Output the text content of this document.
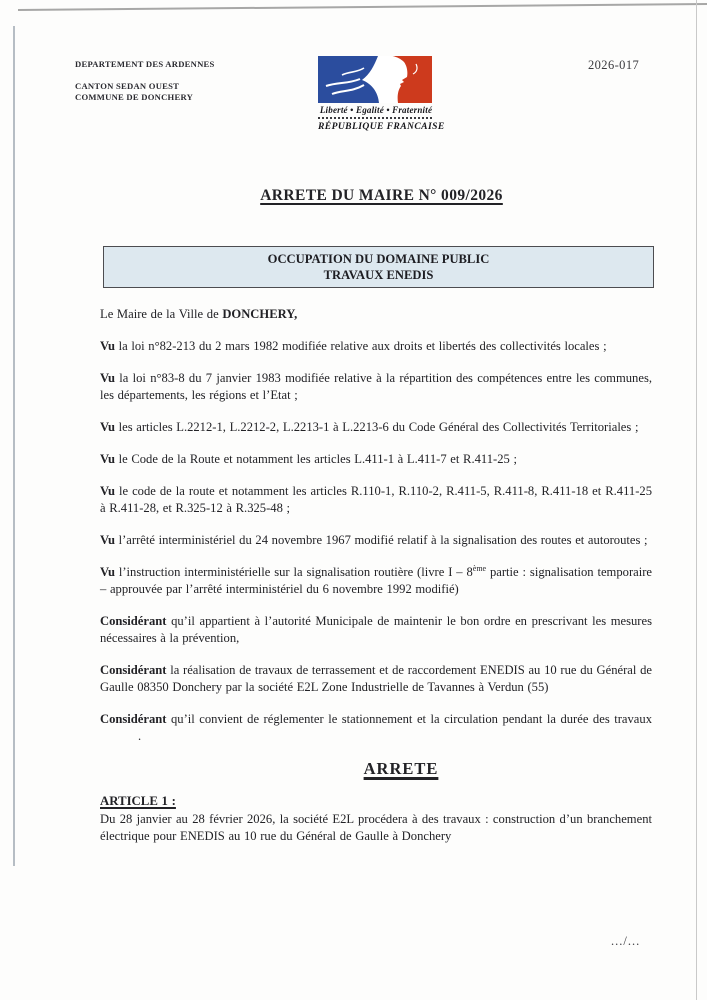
DEPARTEMENT DES ARDENNES
CANTON SEDAN OUEST
COMMUNE DE DONCHERY
Liberté • Egalité • Fraternité
RÉPUBLIQUE FRANCAISE
2026-017
ARRETE DU MAIRE N° 009/2026
OCCUPATION DU DOMAINE PUBLIC
TRAVAUX ENEDIS

Le Maire de la Ville de DONCHERY,

Vu la loi n°82-213 du 2 mars 1982 modifiée relative aux droits et libertés des collectivités locales ;

Vu la loi n°83-8 du 7 janvier 1983 modifiée relative à la répartition des compétences entre les communes, les départements, les régions et l’Etat ;

Vu les articles L.2212-1, L.2212-2, L.2213-1 à L.2213-6 du Code Général des Collectivités Territoriales ;

Vu le Code de la Route et notamment les articles L.411-1 à L.411-7 et R.411-25 ;

Vu le code de la route et notamment les articles R.110-1, R.110-2, R.411-5, R.411-8, R.411-18 et R.411-25 à R.411-28, et R.325-12 à R.325-48 ;

Vu l’arrêté interministériel du 24 novembre 1967 modifié relatif à la signalisation des routes et autoroutes ;

Vu l’instruction interministérielle sur la signalisation routière (livre I – 8ème partie : signalisation temporaire – approuvée par l’arrêté interministériel du 6 novembre 1992 modifié)

Considérant qu’il appartient à l’autorité Municipale de maintenir le bon ordre en prescrivant les mesures nécessaires à la prévention,

Considérant la réalisation de travaux de terrassement et de raccordement ENEDIS au 10 rue du Général de Gaulle 08350 Donchery par la société E2L Zone Industrielle de Tavannes à Verdun (55)

Considérant qu’il convient de réglementer le stationnement et la circulation pendant la durée des travaux.

ARRETE

ARTICLE 1 :

Du 28 janvier au 28 février 2026, la société E2L procédera à des travaux : construction d’un branchement électrique pour ENEDIS au 10 rue du Général de Gaulle à Donchery

.../...
